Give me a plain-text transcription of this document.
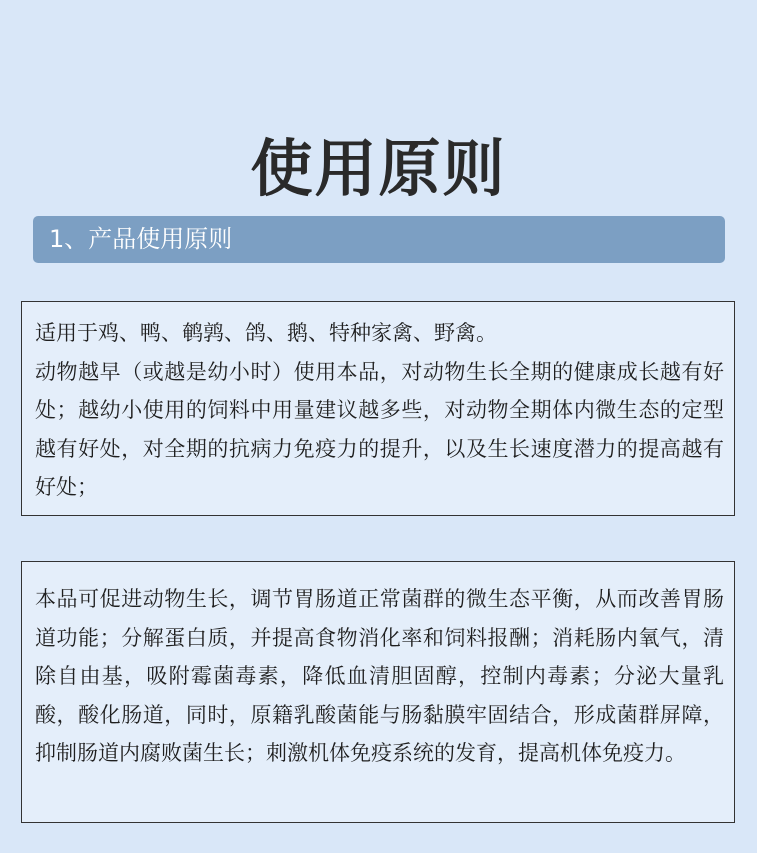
使用原则
1、产品使用原则

适用于鸡、鸭、鹌鹑、鸽、鹅、特种家禽、野禽。

动物越早（或越是幼小时）使用本品，对动物生长全期的健康成长越有好处；越幼小使用的饲料中用量建议越多些，对动物全期体内微生态的定型越有好处，对全期的抗病力免疫力的提升，以及生长速度潜力的提高越有好处；

本品可促进动物生长，调节胃肠道正常菌群的微生态平衡，从而改善胃肠道功能；分解蛋白质，并提高食物消化率和饲料报酬；消耗肠内氧气，清除自由基，吸附霉菌毒素，降低血清胆固醇，控制内毒素；分泌大量乳酸，酸化肠道，同时，原籍乳酸菌能与肠黏膜牢固结合，形成菌群屏障，抑制肠道内腐败菌生长；刺激机体免疫系统的发育，提高机体免疫力。
